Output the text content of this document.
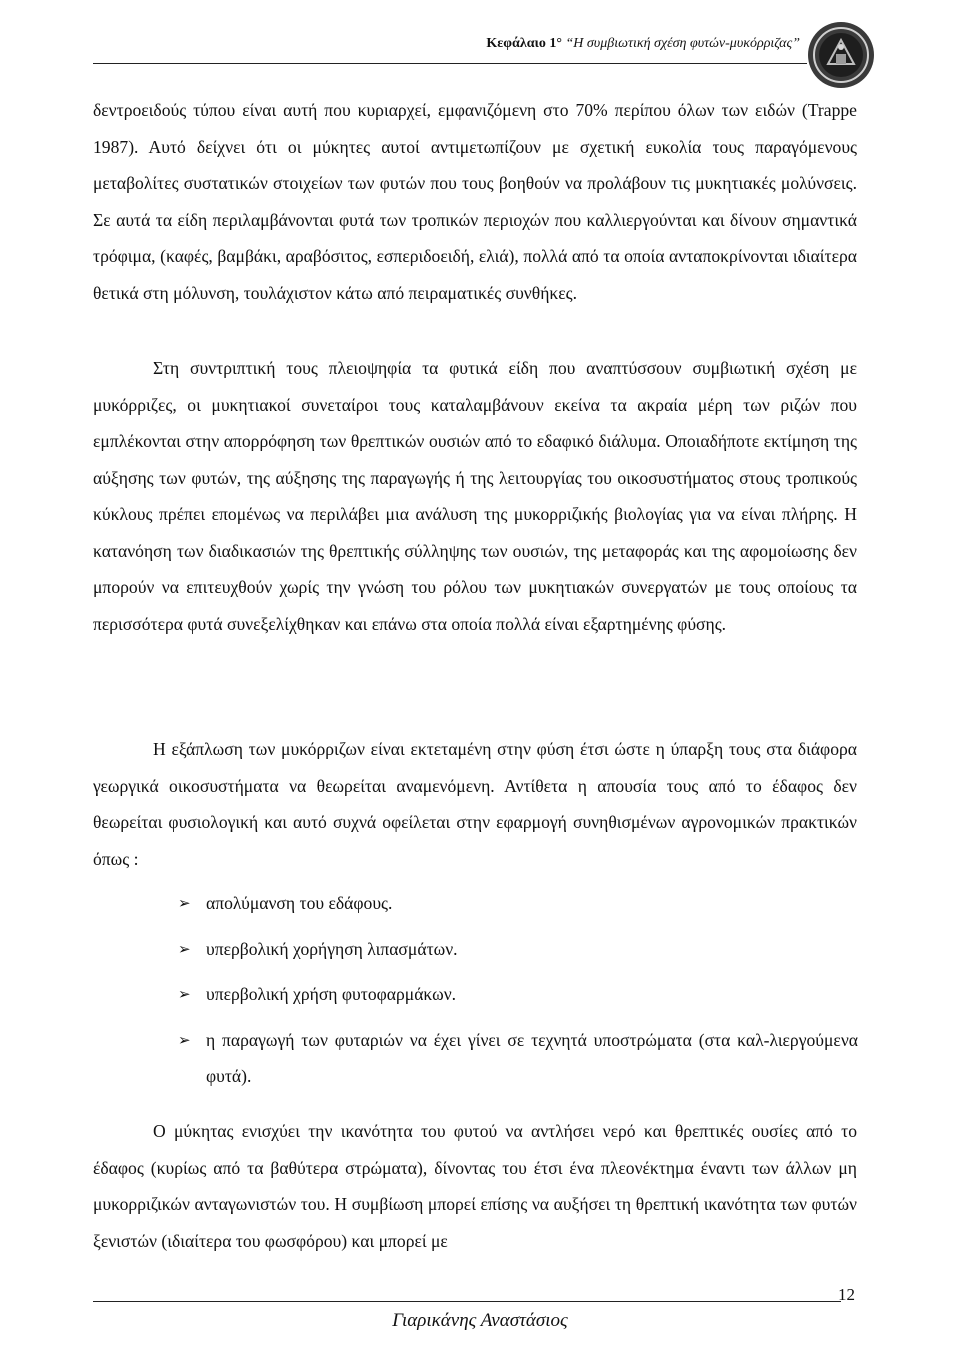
Κεφάλαιο 1° “Η συμβιωτική σχέση φυτών-μυκόρριζας”

δεντροειδούς τύπου είναι αυτή που κυριαρχεί, εμφανιζόμενη στο 70% περίπου όλων των ειδών (Trappe 1987). Αυτό δείχνει ότι οι μύκητες αυτοί αντιμετωπίζουν με σχετική ευκολία τους παραγόμενους μεταβολίτες συστατικών στοιχείων των φυτών που τους βοηθούν να προλάβουν τις μυκητιακές μολύνσεις. Σε αυτά τα είδη περιλαμβάνονται φυτά των τροπικών περιοχών που καλλιεργούνται και δίνουν σημαντικά τρόφιμα, (καφές, βαμβάκι, αραβόσιτος, εσπεριδοειδή, ελιά), πολλά από τα οποία ανταποκρίνονται ιδιαίτερα θετικά στη μόλυνση, τουλάχιστον κάτω από πειραματικές συνθήκες.

Στη συντριπτική τους πλειοψηφία τα φυτικά είδη που αναπτύσσουν συμβιωτική σχέση με μυκόρριζες, οι μυκητιακοί συνεταίροι τους καταλαμβάνουν εκείνα τα ακραία μέρη των ριζών που εμπλέκονται στην απορρόφηση των θρεπτικών ουσιών από το εδαφικό διάλυμα. Οποιαδήποτε εκτίμηση της αύξησης των φυτών, της αύξησης της παραγωγής ή της λειτουργίας του οικοσυστήματος στους τροπικούς κύκλους πρέπει επομένως να περιλάβει μια ανάλυση της μυκορριζικής βιολογίας για να είναι πλήρης. Η κατανόηση των διαδικασιών της θρεπτικής σύλληψης των ουσιών, της μεταφοράς και της αφομοίωσης δεν μπορούν να επιτευχθούν χωρίς την γνώση του ρόλου των μυκητιακών συνεργατών με τους οποίους τα περισσότερα φυτά συνεξελίχθηκαν και επάνω στα οποία πολλά είναι εξαρτημένης φύσης.

Η εξάπλωση των μυκόρριζων είναι εκτεταμένη στην φύση έτσι ώστε η ύπαρξη τους στα διάφορα γεωργικά οικοσυστήματα να θεωρείται αναμενόμενη. Αντίθετα η απουσία τους από το έδαφος δεν θεωρείται φυσιολογική και αυτό συχνά οφείλεται στην εφαρμογή συνηθισμένων αγρονομικών πρακτικών όπως :

➢ απολύμανση του εδάφους.
➢ υπερβολική χορήγηση λιπασμάτων.
➢ υπερβολική χρήση φυτοφαρμάκων.
➢ η παραγωγή των φυταριών να έχει γίνει σε τεχνητά υποστρώματα (στα καλ-λιεργούμενα φυτά).

Ο μύκητας ενισχύει την ικανότητα του φυτού να αντλήσει νερό και θρεπτικές ουσίες από το έδαφος (κυρίως από τα βαθύτερα στρώματα), δίνοντας του έτσι ένα πλεονέκτημα έναντι των άλλων μη μυκορριζικών ανταγωνιστών του. Η συμβίωση μπορεί επίσης να αυξήσει τη θρεπτική ικανότητα των φυτών ξενιστών (ιδιαίτερα του φωσφόρου) και μπορεί με

12
Γιαρικάνης Αναστάσιος
